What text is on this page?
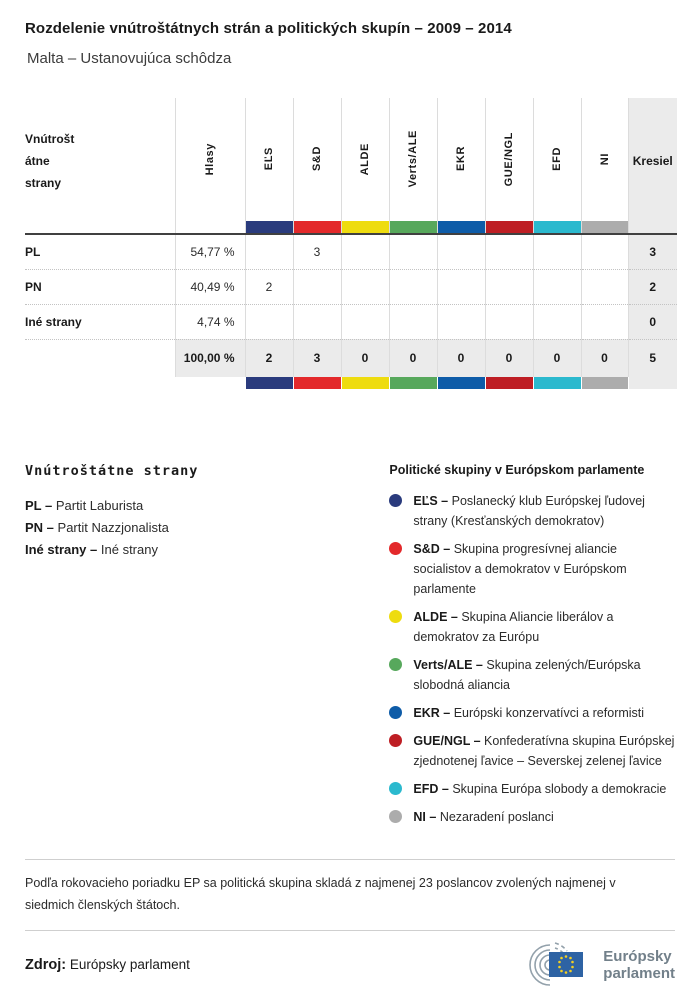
Rozdelenie vnútroštátnych strán a politických skupín – 2009 – 2014
Malta – Ustanovujúca schôdza
Vnútrošt
átne
strany	Hlasy	EĽS	S&D	ALDE	Verts/ALE	EKR	GUE/NGL	EFD	NI	Kresiel
PL	54,77 %		3							3
PN	40,49 %	2								2
Iné strany	4,74 %									0
	100,00 %	2	3	0	0	0	0	0	0	5

Vnútroštátne strany
PL – Partit Laburista
PN – Partit Nazzjonalista
Iné strany – Iné strany
Politické skupiny v Európskom parlamente
EĽS – Poslanecký klub Európskej ľudovej strany (Kresťanských demokratov)
S&D – Skupina progresívnej aliancie socialistov a demokratov v Európskom parlamente
ALDE – Skupina Aliancie liberálov a demokratov za Európu
Verts/ALE – Skupina zelených/Európska slobodná aliancia
EKR – Európski konzervatívci a reformisti
GUE/NGL – Konfederatívna skupina Európskej zjednotenej ľavice – Severskej zelenej ľavice
EFD – Skupina Európa slobody a demokracie
NI – Nezaradení poslanci
Podľa rokovacieho poriadku EP sa politická skupina skladá z najmenej 23 poslancov zvolených najmenej v siedmich členských štátoch.
Zdroj: Európsky parlament	Európsky
parlament
